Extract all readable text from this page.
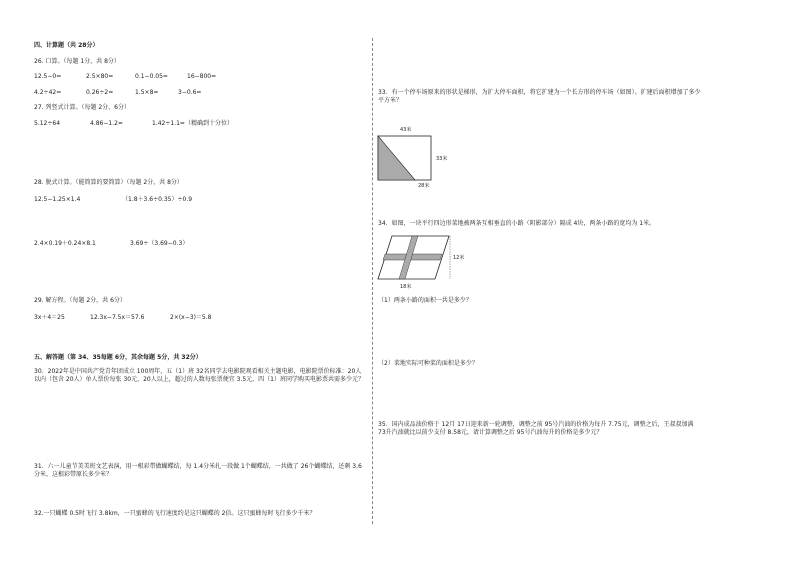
四、计算题（共 28分）
26. 口算。（每题 1分，共 8分）
12.5−0=	2.5×80=	0.1−0.05=	16−800=
4.2÷42=	0.26÷2=	1.5×8=	3−0.6=
27. 列竖式计算。（每题 2分，6分）
5.12÷64	4.86−1.2=	1.42÷1.1=（精确到十分位）
28. 脱式计算。（能简算的要简算）（每题 2分，共 8分）
12.5−1.25×1.4	（1.8＋3.6÷0.35）÷0.9
2.4×0.19＋0.24×8.1	3.69÷（3.69−0.3）
29. 解方程。（每题 2分，共 6分）
3x＋4＝25	12.3x−7.5x＝57.6	2×(x−3)＝5.8
五、解答题（第 34、35每题 6分，其余每题 5分，共 32分）
30．2022年是中国共产党青年团成立 100周年，五（1）班 32名同学去电影院观看相关主题电影，电影院票价标准：20人以内（包含 20人）单人票价每张 30元，20人以上，超过的人数每张票便宜 3.5元，四（1）班同学购买电影票共需多少元？
31．六一儿童节美美班文艺表演，用一根彩带做蝴蝶结，每 1.4分米扎一段做 1个蝴蝶结，一共做了 26个蝴蝶结，还剩 3.6分米，这根彩带原长多少米？
32.一只蝴蝶 0.5时飞行 3.8km，一只蜜蜂的飞行速度约是这只蝴蝶的 2倍。这只蜜蜂每时飞行多少千米？
33．有一个停车场原来的形状是梯形，为扩大停车面积，将它扩建为一个长方形的停车场（如图）。扩建后面积增加了多少平方米？
43米
33米
28米
34．如图，一块平行四边形菜地被两条互相垂直的小路（阴影部分）隔成 4块，两条小路的宽均为 1米。
12米
18米
（1）两条小路的面积一共是多少？
（2）菜地实际可种菜的面积是多少？
35．国内成品油价格于 12月 17日迎来新一轮调整，调整之前 95号汽油的价格为每升 7.75元，调整之后，王叔叔加满 73升汽油就比以前少支付 8.58元，请计算调整之后 95号汽油每升的价格是多少元？
